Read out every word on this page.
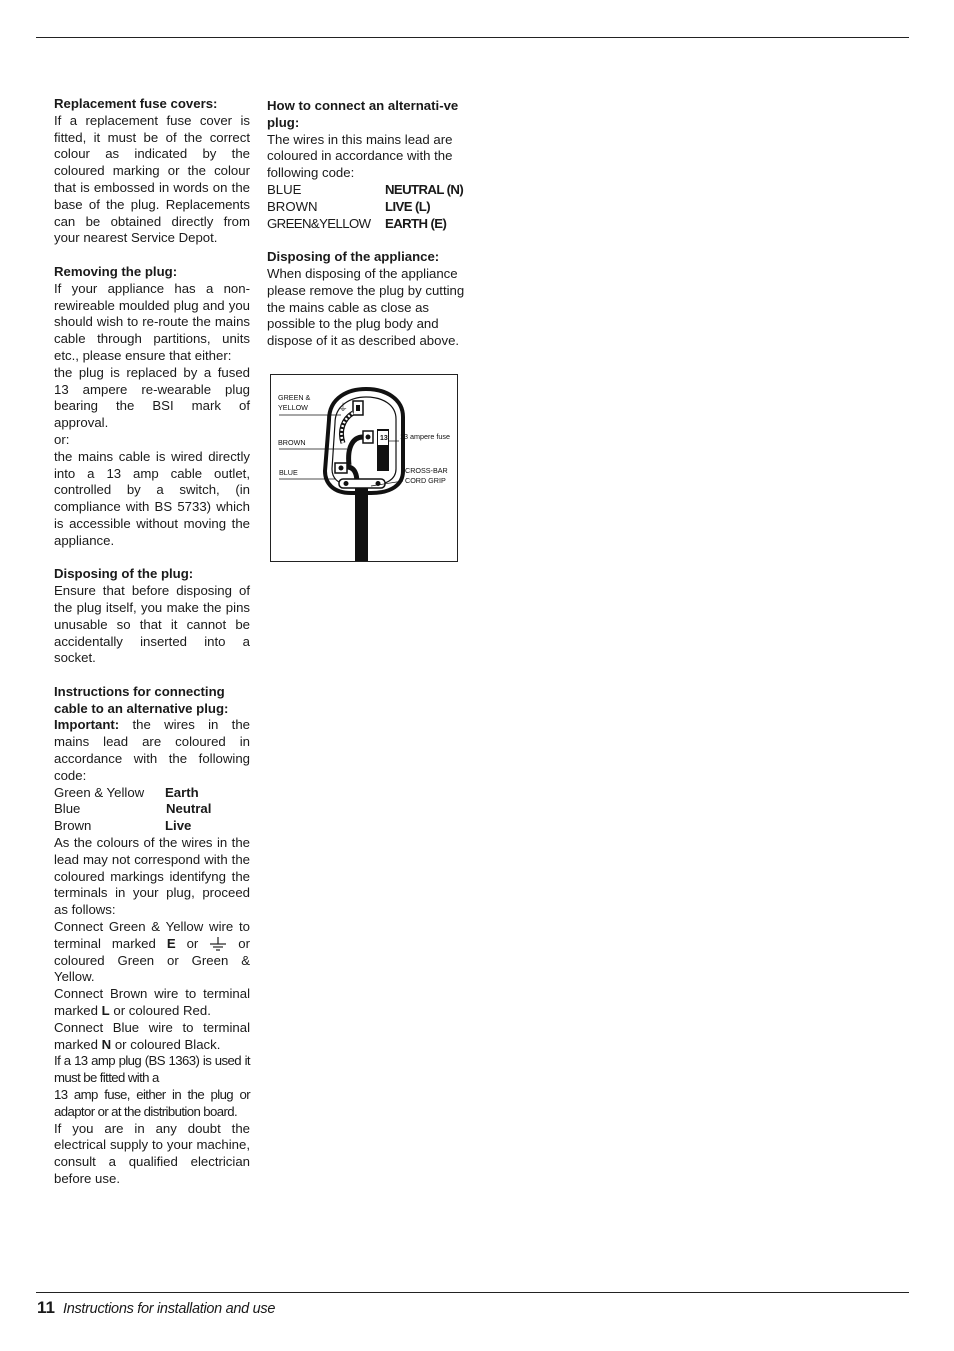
Replacement fuse covers:

If a replacement fuse cover is fitted, it must be of the correct colour as indicated by the coloured marking or the colour that is embossed in words on the base of the plug. Replacements can be obtained directly from your nearest Service Depot.

Removing the plug:

If your appliance has a non-rewireable moulded plug and you should wish to re-route the mains cable through partitions, units etc., please ensure that either:

the plug is replaced by a fused 13 ampere re-wearable plug bearing the BSI mark of approval.

or:

the mains cable is wired directly into a 13 amp cable outlet, controlled by a switch, (in compliance with BS 5733) which is accessible without moving the appliance.

Disposing of the plug:

Ensure that before disposing of the plug itself, you make the pins unusable so that it cannot be accidentally inserted into a socket.

Instructions for connecting cable to an alternative plug:

Important: the wires in the mains lead are coloured in accordance with the following code:

Green & Yellow	Earth
Blue	Neutral
Brown	Live

As the colours of the wires in the lead may not correspond with the coloured markings identifyng the terminals in your plug, proceed as follows:

Connect Green & Yellow wire to terminal marked E or  or coloured Green or Green & Yellow.

Connect Brown wire to terminal marked L or coloured Red.

Connect Blue wire to terminal marked N or coloured Black.

If a 13 amp plug (BS 1363) is used it must be fitted with a

13 amp fuse, either in the plug or adaptor or at the distribution board.

If you are in any doubt the electrical supply to your machine, consult a qualified electrician before use.

How to connect an alternati-ve plug:

The wires in this mains lead are coloured in accordance with the following code:

BLUE	NEUTRAL (N)
BROWN	LIVE (L)
GREEN&YELLOW	EARTH (E)
Disposing of the appliance:

When disposing of the appliance please remove the plug by cutting the mains cable as close as possible to the plug body and dispose of it as described above.

⏚
13
GREEN &
YELLOW
BROWN
BLUE
13 ampere fuse
CROSS-BAR
CORD GRIP
11 Instructions for installation and use
